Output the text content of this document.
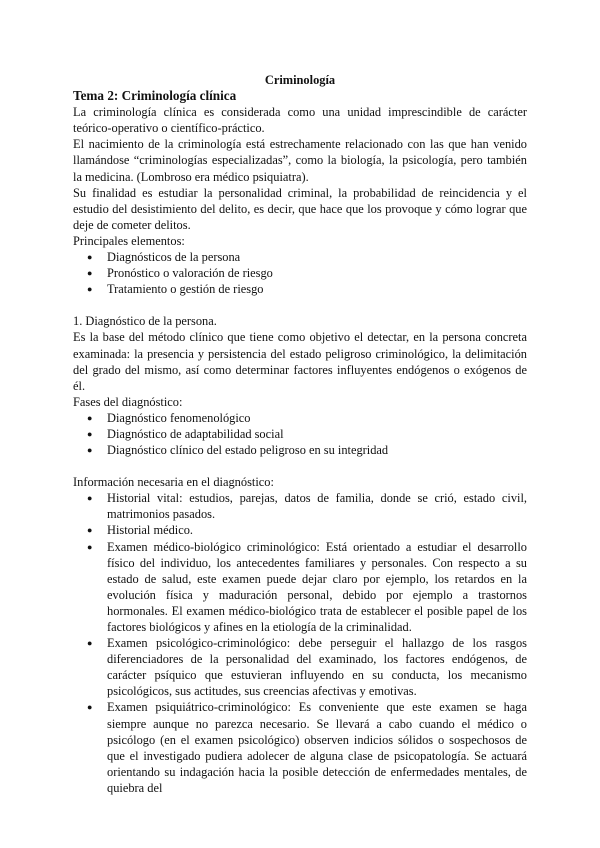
Criminología

Tema 2: Criminología clínica

La criminología clínica es considerada como una unidad imprescindible de carácter teórico-operativo o científico-práctico.

El nacimiento de la criminología está estrechamente relacionado con las que han venido llamándose “criminologías especializadas”, como la biología, la psicología, pero también la medicina. (Lombroso era médico psiquiatra).

Su finalidad es estudiar la personalidad criminal, la probabilidad de reincidencia y el estudio del desistimiento del delito, es decir, que hace que los provoque y cómo lograr que deje de cometer delitos.

Principales elementos:

● Diagnósticos de la persona
● Pronóstico o valoración de riesgo
● Tratamiento o gestión de riesgo

1. Diagnóstico de la persona.

Es la base del método clínico que tiene como objetivo el detectar, en la persona concreta examinada: la presencia y persistencia del estado peligroso criminológico, la delimitación del grado del mismo, así como determinar factores influyentes endógenos o exógenos de él.

Fases del diagnóstico:

● Diagnóstico fenomenológico
● Diagnóstico de adaptabilidad social
● Diagnóstico clínico del estado peligroso en su integridad

Información necesaria en el diagnóstico:

● Historial vital: estudios, parejas, datos de familia, donde se crió, estado civil, matrimonios pasados.
● Historial médico.
● Examen médico-biológico criminológico: Está orientado a estudiar el desarrollo físico del individuo, los antecedentes familiares y personales. Con respecto a su estado de salud, este examen puede dejar claro por ejemplo, los retardos en la evolución física y maduración personal, debido por ejemplo a trastornos hormonales. El examen médico-biológico trata de establecer el posible papel de los factores biológicos y afines en la etiología de la criminalidad.
● Examen psicológico-criminológico: debe perseguir el hallazgo de los rasgos diferenciadores de la personalidad del examinado, los factores endógenos, de carácter psíquico que estuvieran influyendo en su conducta, los mecanismo psicológicos, sus actitudes, sus creencias afectivas y emotivas.
● Examen psiquiátrico-criminológico: Es conveniente que este examen se haga siempre aunque no parezca necesario. Se llevará a cabo cuando el médico o psicólogo (en el examen psicológico) observen indicios sólidos o sospechosos de que el investigado pudiera adolecer de alguna clase de psicopatología. Se actuará orientando su indagación hacia la posible detección de enfermedades mentales, de quiebra del
